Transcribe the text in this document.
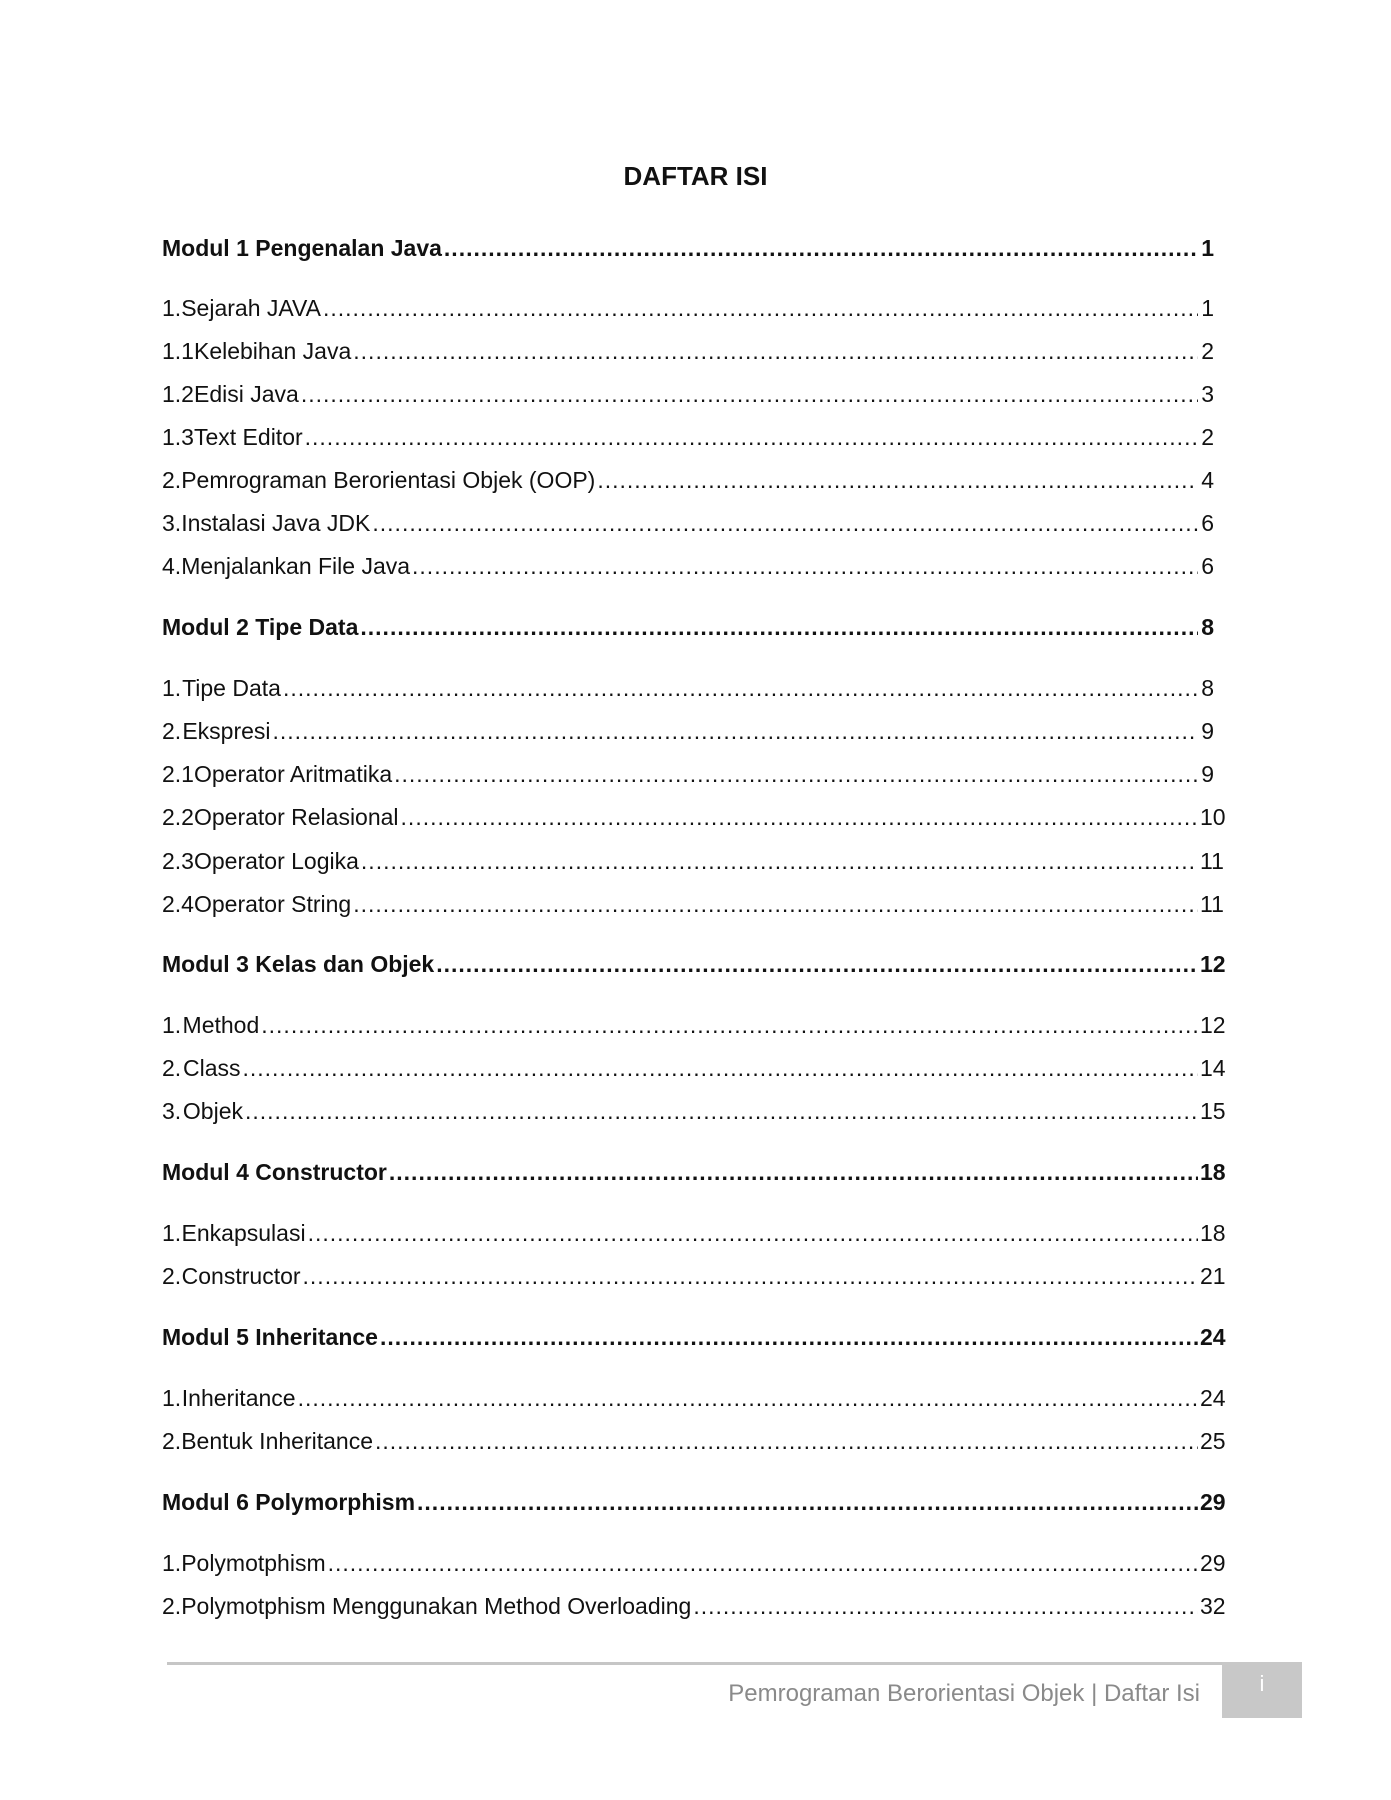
DAFTAR ISI
Modul 1 Pengenalan Java .....	1
1. Sejarah JAVA .....	1
1.1 Kelebihan Java .....	2
1.2 Edisi Java .....	3
1.3 Text Editor .....	2
2. Pemrograman Berorientasi Objek (OOP) .....	4
3. Instalasi Java JDK .....	6
4. Menjalankan File Java .....	6
Modul 2 Tipe Data .....	8
1. Tipe Data .....	8
2. Ekspresi .....	9
2.1 Operator Aritmatika .....	9
2.2 Operator Relasional .....	10
2.3 Operator Logika .....	11
2.4 Operator String .....	11
Modul 3 Kelas dan Objek .....	12
1. Method .....	12
2. Class .....	14
3. Objek .....	15
Modul 4 Constructor .....	18
1. Enkapsulasi .....	18
2. Constructor .....	21
Modul 5 Inheritance .....	24
1. Inheritance .....	24
2. Bentuk Inheritance .....	25
Modul 6 Polymorphism .....	29
1. Polymotphism .....	29
2. Polymotphism Menggunakan Method Overloading .....	32
Pemrograman Berorientasi Objek | Daftar Isi	i
